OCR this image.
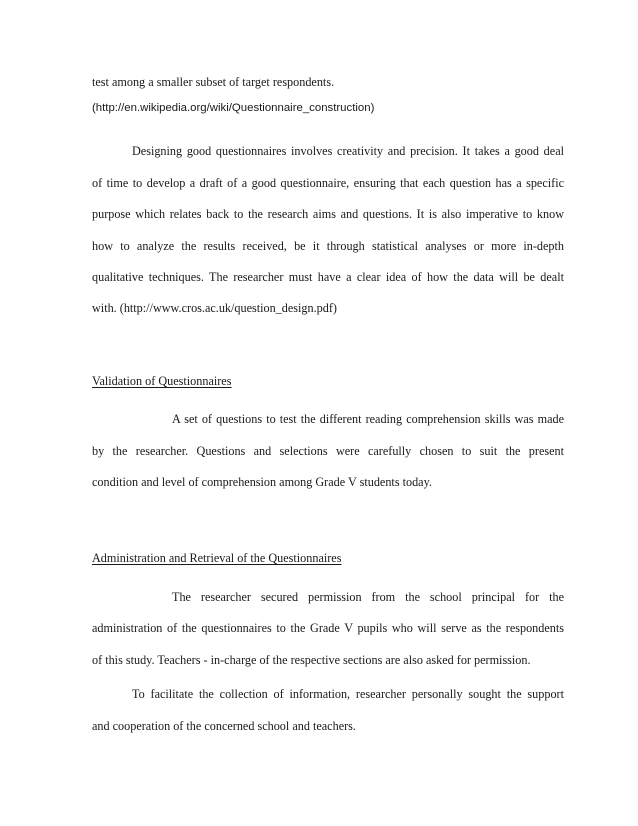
test among a smaller subset of target respondents.
(http://en.wikipedia.org/wiki/Questionnaire_construction)
Designing good questionnaires involves creativity and precision. It takes a good deal
of time to develop a draft of a good questionnaire, ensuring that each question has a specific
purpose which relates back to the research aims and questions. It is also imperative to know
how to analyze the results received, be it through statistical analyses or more in-depth
qualitative techniques. The researcher must have a clear idea of how the data will be dealt
with. (http://www.cros.ac.uk/question_design.pdf)
Validation of Questionnaires
A set of questions to test the different reading comprehension skills was made
by the researcher. Questions and selections were carefully chosen to suit the present
condition and level of comprehension among Grade V students today.
Administration and Retrieval of the Questionnaires
The researcher secured permission from the school principal for the
administration of the questionnaires to the Grade V pupils who will serve as the respondents
of this study. Teachers - in-charge of the respective sections are also asked for permission.
To facilitate the collection of information, researcher personally sought the support
and cooperation of the concerned school and teachers.
